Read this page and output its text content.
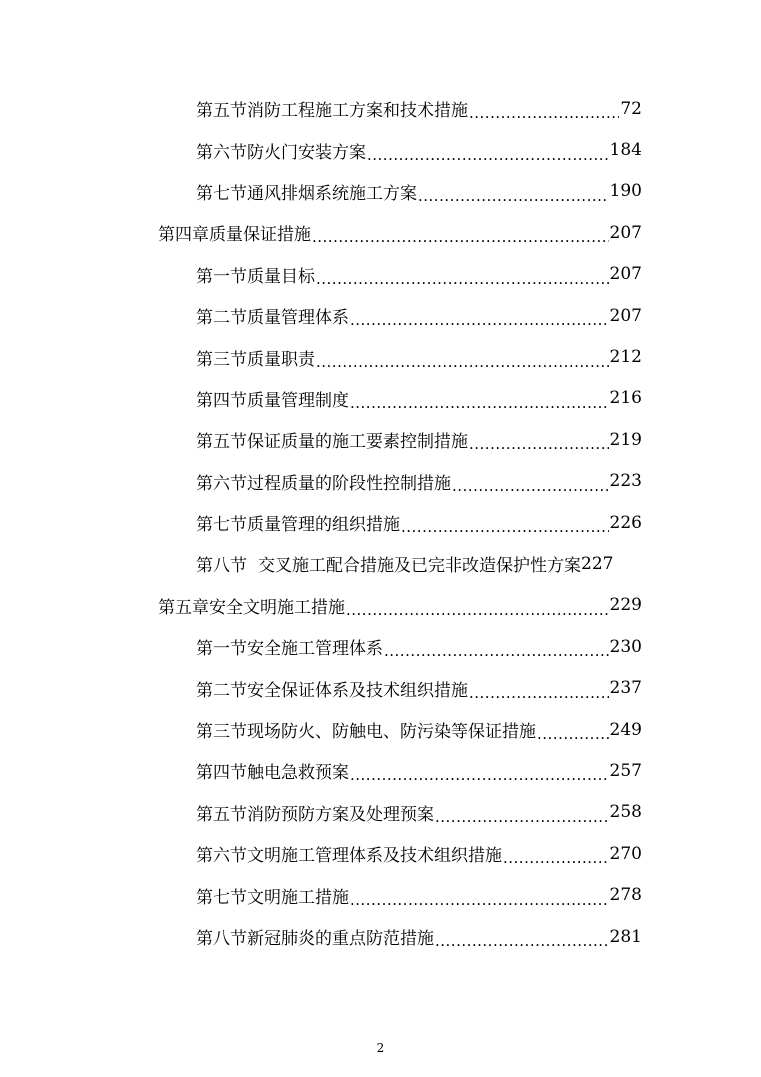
第五节 消防工程施工方案和技术措施 .....	72
第六节 防火门安装方案 .....	184
第七节 通风排烟系统施工方案 .....	190
第四章 质量保证措施 .....	207
第一节 质量目标 .....	207
第二节 质量管理体系 .....	207
第三节 质量职责 .....	212
第四节 质量管理制度 .....	216
第五节 保证质量的施工要素控制措施 .....	219
第六节 过程质量的阶段性控制措施 .....	223
第七节 质量管理的组织措施 .....	226
第八节 交叉施工配合措施及已完非改造保护性方案 227
第五章 安全文明施工措施 .....	229
第一节 安全施工管理体系 .....	230
第二节 安全保证体系及技术组织措施 .....	237
第三节 现场防火、防触电、防污染等保证措施 .....	249
第四节 触电急救预案 .....	257
第五节 消防预防方案及处理预案 .....	258
第六节 文明施工管理体系及技术组织措施 .....	270
第七节 文明施工措施 .....	278
第八节 新冠肺炎的重点防范措施 .....	281
2
